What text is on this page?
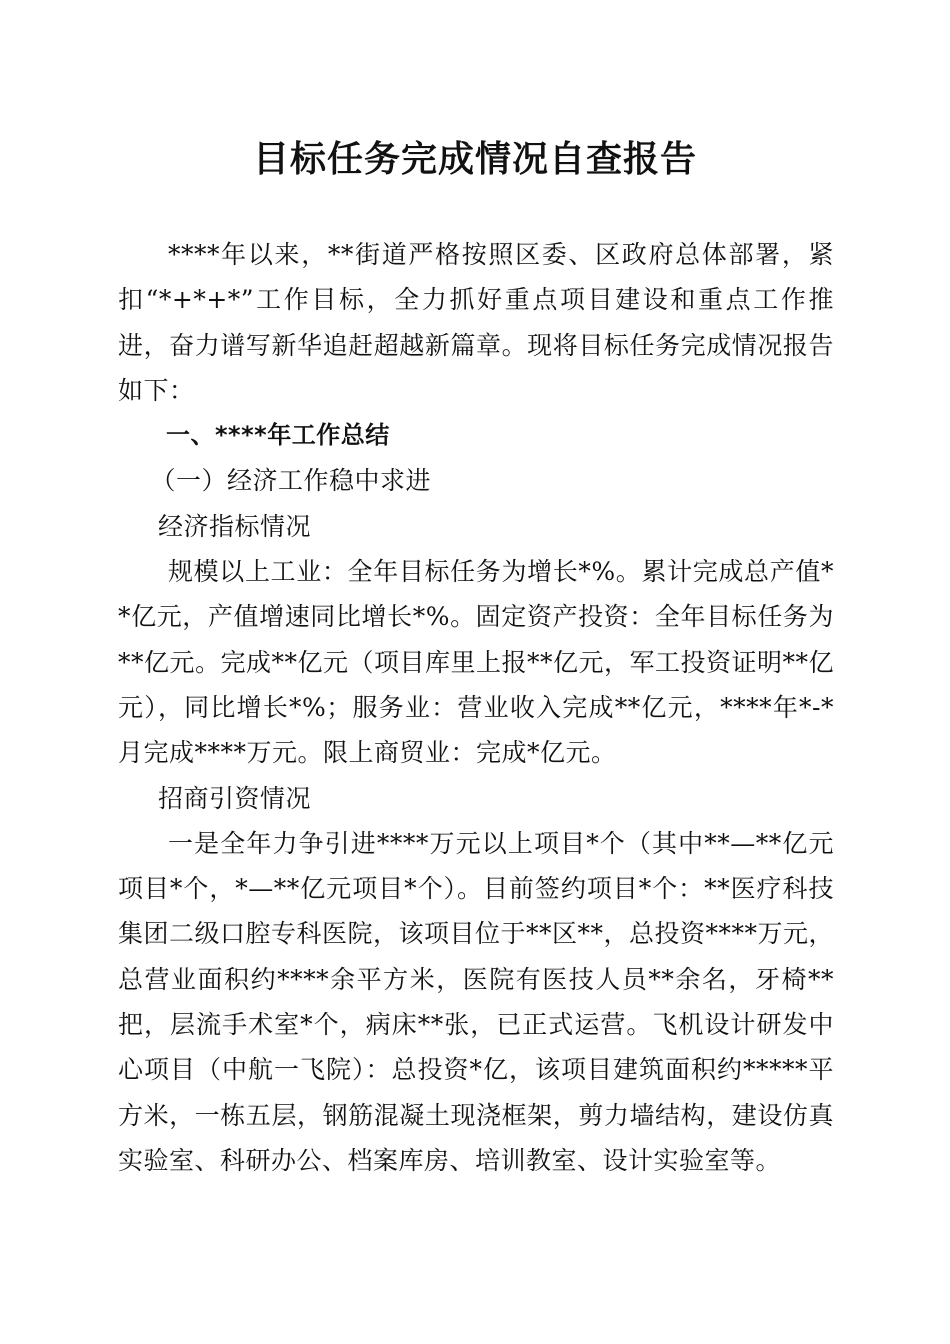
目标任务完成情况自查报告

****年以来，**街道严格按照区委、区政府总体部署，紧扣“*+*+*”工作目标，全力抓好重点项目建设和重点工作推进，奋力谱写新华追赶超越新篇章。现将目标任务完成情况报告如下：

一、****年工作总结

（一）经济工作稳中求进

经济指标情况

规模以上工业：全年目标任务为增长*%。累计完成总产值**亿元，产值增速同比增长*%。固定资产投资：全年目标任务为**亿元。完成**亿元（项目库里上报**亿元，军工投资证明**亿元），同比增长*%；服务业：营业收入完成**亿元，****年*-*月完成****万元。限上商贸业：完成*亿元。

招商引资情况

一是全年力争引进****万元以上项目*个（其中**—**亿元项目*个，*—**亿元项目*个）。目前签约项目*个：**医疗科技集团二级口腔专科医院，该项目位于**区**，总投资****万元，总营业面积约****余平方米，医院有医技人员**余名，牙椅**把，层流手术室*个，病床**张，已正式运营。飞机设计研发中心项目（中航一飞院）：总投资*亿，该项目建筑面积约*****平方米，一栋五层，钢筋混凝土现浇框架，剪力墙结构，建设仿真实验室、科研办公、档案库房、培训教室、设计实验室等。
